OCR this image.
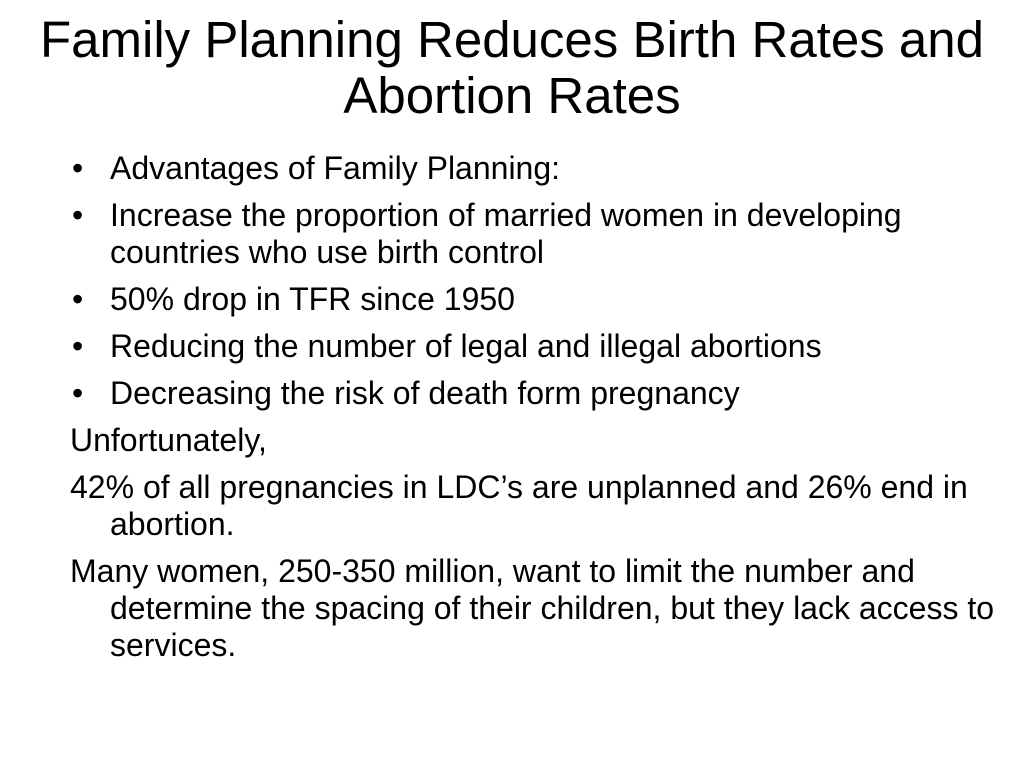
Family Planning Reduces Birth Rates and Abortion Rates
• Advantages of Family Planning:
• Increase the proportion of married women in developing countries who use birth control
• 50% drop in TFR since 1950
• Reducing the number of legal and illegal abortions
• Decreasing the risk of death form pregnancy

Unfortunately,

42% of all pregnancies in LDC’s are unplanned and 26% end in abortion.

Many women, 250-350 million, want to limit the number and determine the spacing of their children, but they lack access to services.
